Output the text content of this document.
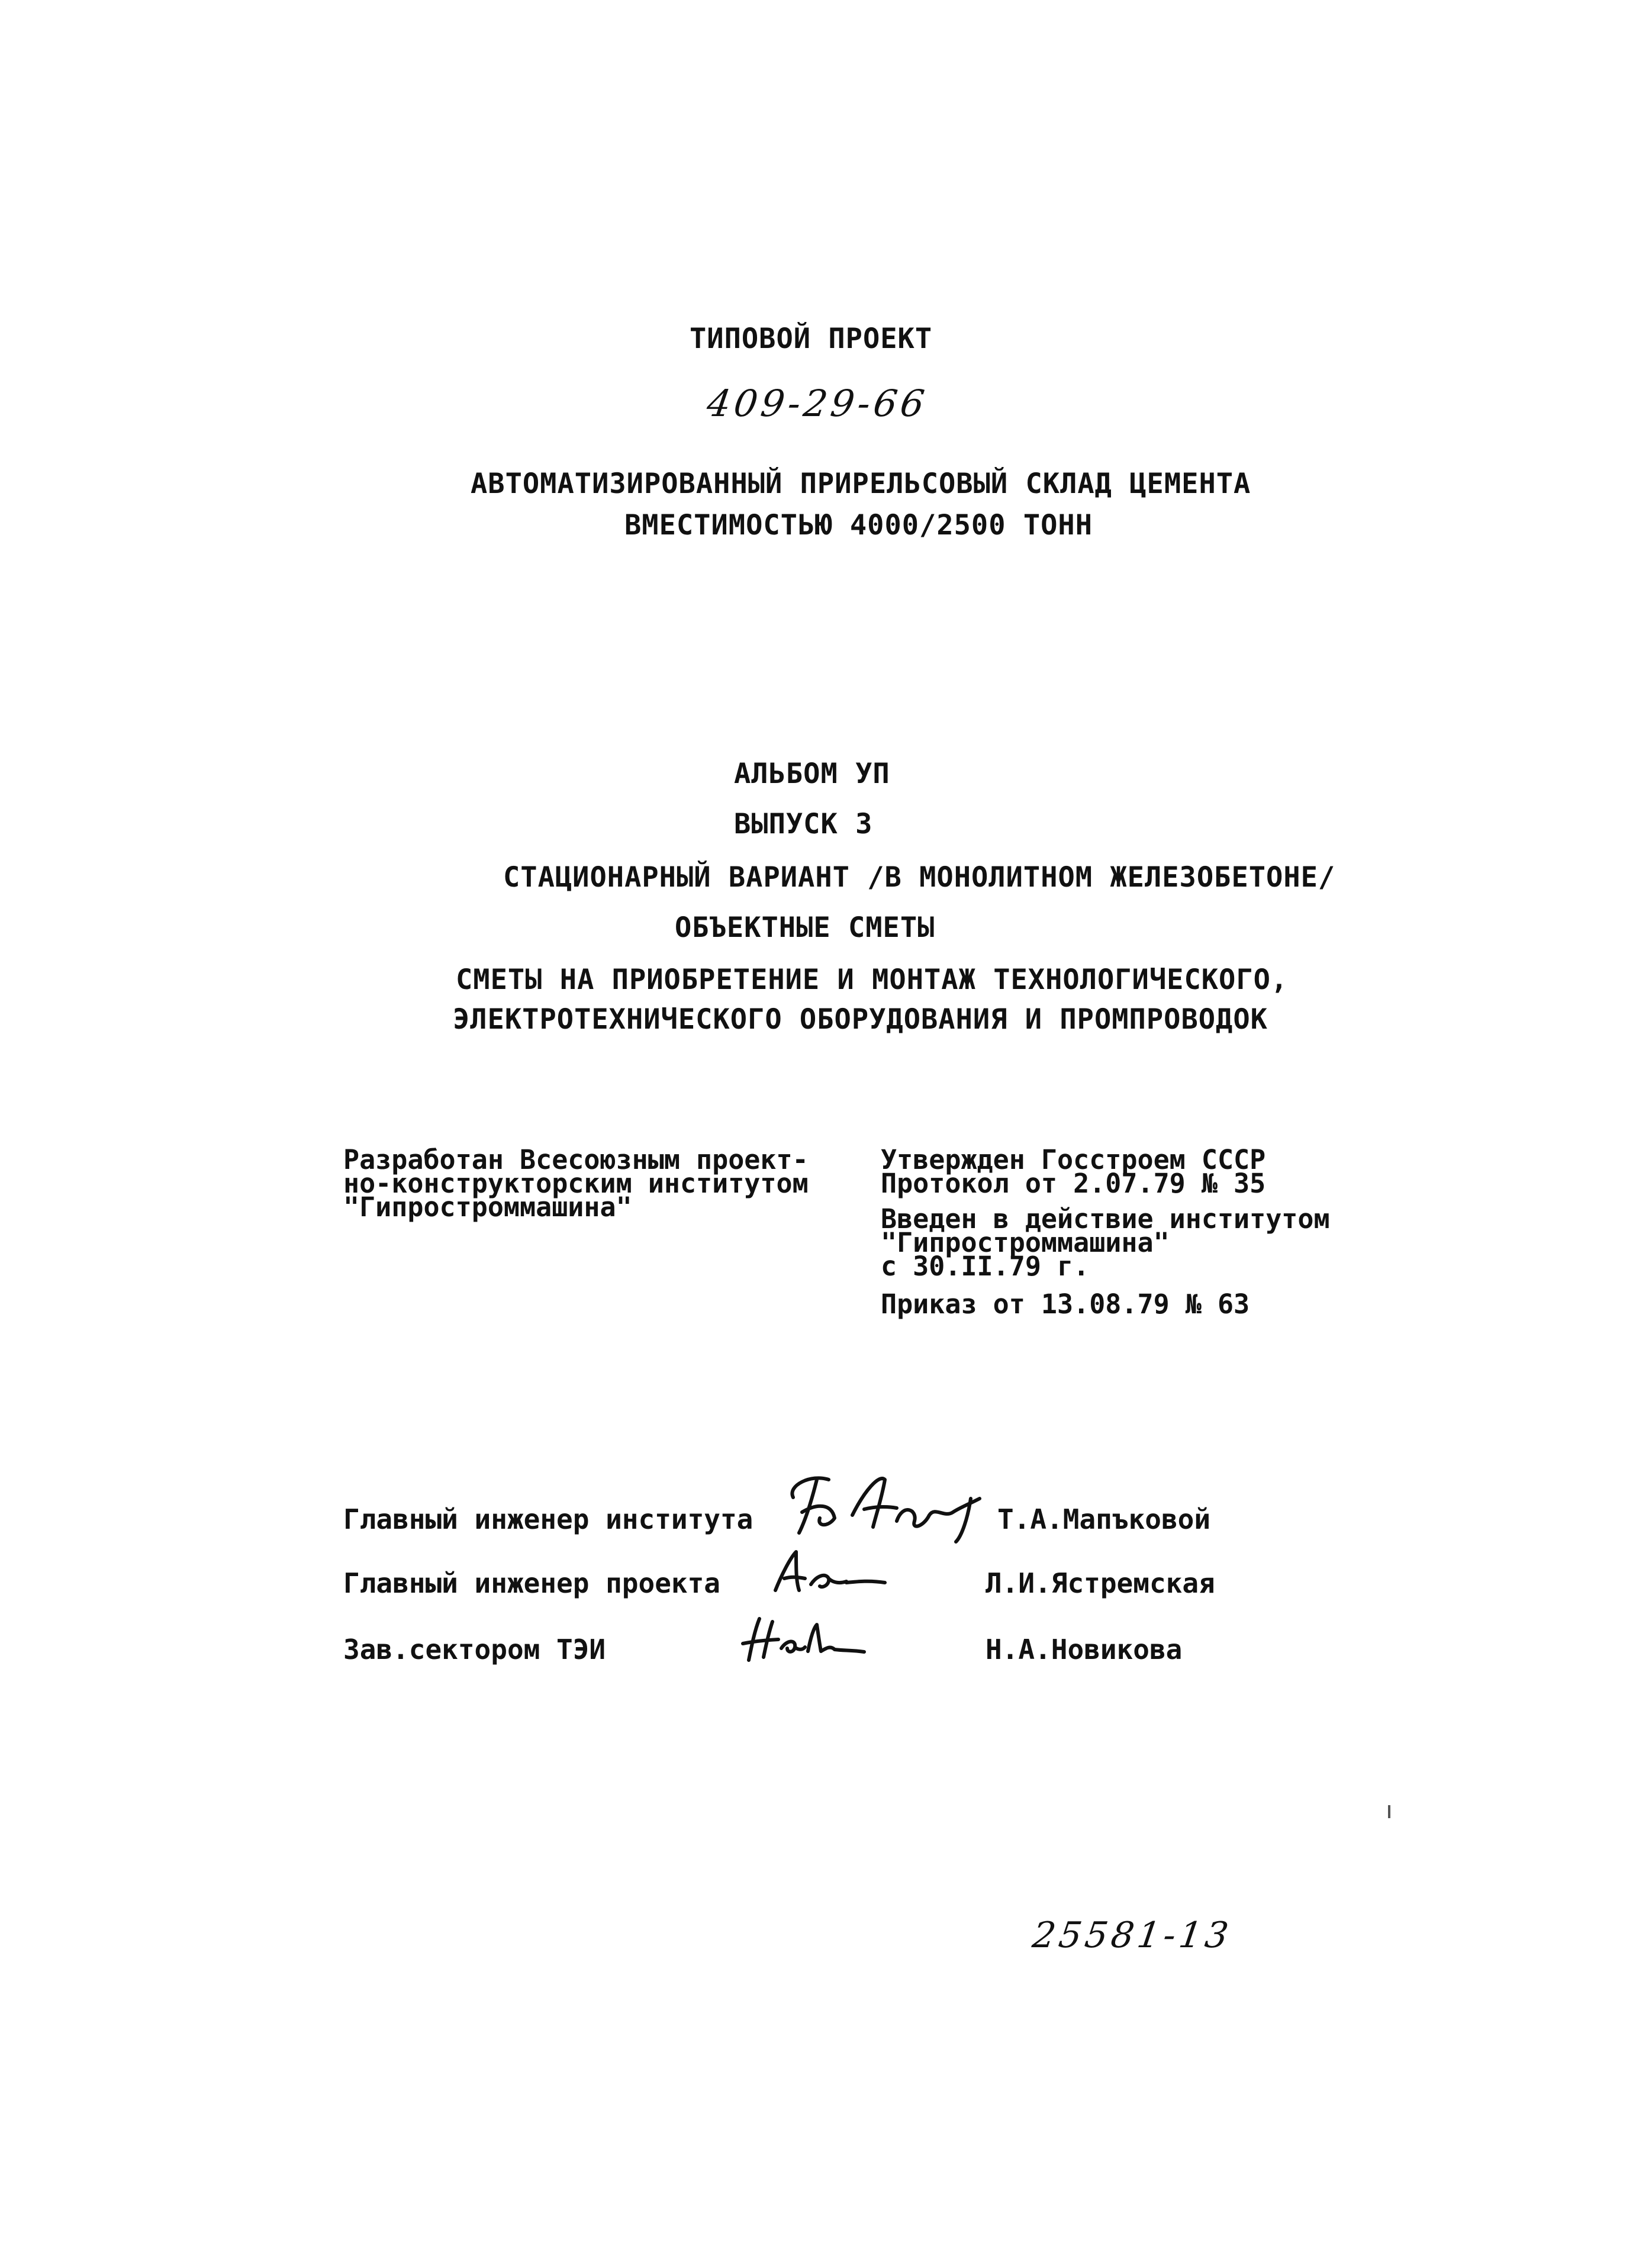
ТИПОВОЙ ПРОЕКТ
409-29-66
АВТОМАТИЗИРОВАННЫЙ ПРИРЕЛЬСОВЫЙ СКЛАД ЦЕМЕНТА
ВМЕСТИМОСТЬЮ 4000/2500 ТОНН
АЛЬБОМ УП
ВЫПУСК 3
СТАЦИОНАРНЫЙ ВАРИАНТ /В МОНОЛИТНОМ ЖЕЛЕЗОБЕТОНЕ/
ОБЪЕКТНЫЕ СМЕТЫ
СМЕТЫ НА ПРИОБРЕТЕНИЕ И МОНТАЖ ТЕХНОЛОГИЧЕСКОГО,
ЭЛЕКТРОТЕХНИЧЕСКОГО ОБОРУДОВАНИЯ И ПРОМПРОВОДОК
Разработан Всесоюзным проект-
но-конструкторским институтом
"Гипростроммашина"
Утвержден Госстроем СССР
Протокол от 2.07.79 № 35
Введен в действие институтом
"Гипростроммашина"
с 30.II.79 г.
Приказ от 13.08.79 № 63
Главный инженер института	Т.А.Мапъковой
Главный инженер проекта	Л.И.Ястремская
Зав.сектором ТЭИ	Н.А.Новикова
25581-13
